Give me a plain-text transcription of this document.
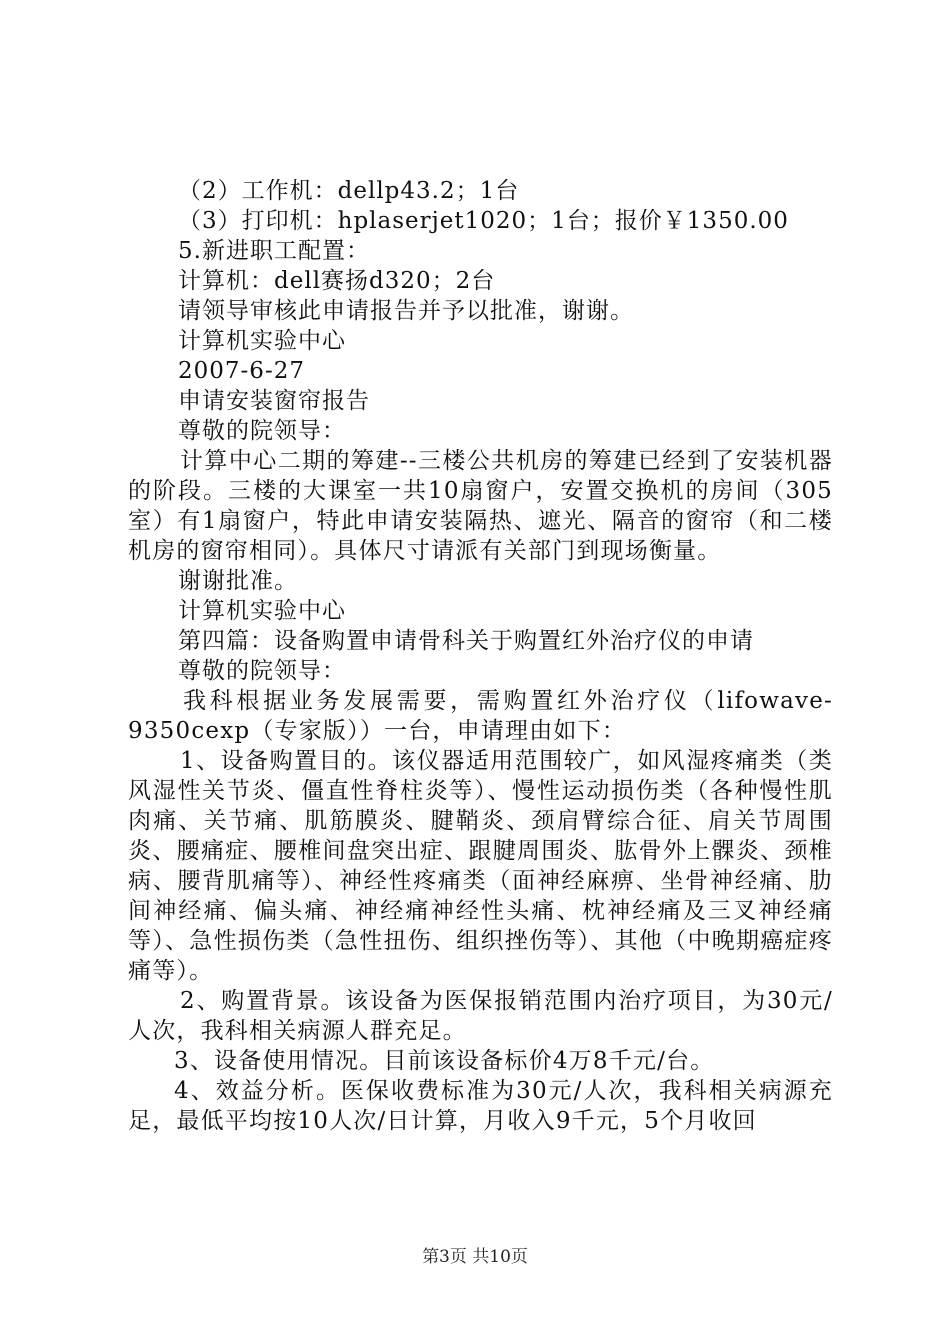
（2）工作机：dellp43.2；1台
（3）打印机：hplaserjet1020；1台；报价￥1350.00
5.新进职工配置：
计算机：dell赛扬d320；2台
请领导审核此申请报告并予以批准，谢谢。
计算机实验中心
2007-6-27
申请安装窗帘报告
尊敬的院领导：
计算中心二期的筹建--三楼公共机房的筹建已经到了安装机器的阶段。三楼的大课室一共10扇窗户，安置交换机的房间（305室）有1扇窗户，特此申请安装隔热、遮光、隔音的窗帘（和二楼机房的窗帘相同）。具体尺寸请派有关部门到现场衡量。
谢谢批准。
计算机实验中心
第四篇：设备购置申请骨科关于购置红外治疗仪的申请
尊敬的院领导：
我科根据业务发展需要，需购置红外治疗仪（lifowave-9350cexp（专家版））一台，申请理由如下：
1、设备购置目的。该仪器适用范围较广，如风湿疼痛类（类风湿性关节炎、僵直性脊柱炎等）、慢性运动损伤类（各种慢性肌肉痛、关节痛、肌筋膜炎、腱鞘炎、颈肩臂综合征、肩关节周围炎、腰痛症、腰椎间盘突出症、跟腱周围炎、肱骨外上髁炎、颈椎病、腰背肌痛等）、神经性疼痛类（面神经麻痹、坐骨神经痛、肋间神经痛、偏头痛、神经痛神经性头痛、枕神经痛及三叉神经痛等）、急性损伤类（急性扭伤、组织挫伤等）、其他（中晚期癌症疼痛等）。
2、购置背景。该设备为医保报销范围内治疗项目，为30元/人次，我科相关病源人群充足。
3、设备使用情况。目前该设备标价4万8千元/台。
4、效益分析。医保收费标准为30元/人次，我科相关病源充足，最低平均按10人次/日计算，月收入9千元，5个月收回
第3页 共10页
